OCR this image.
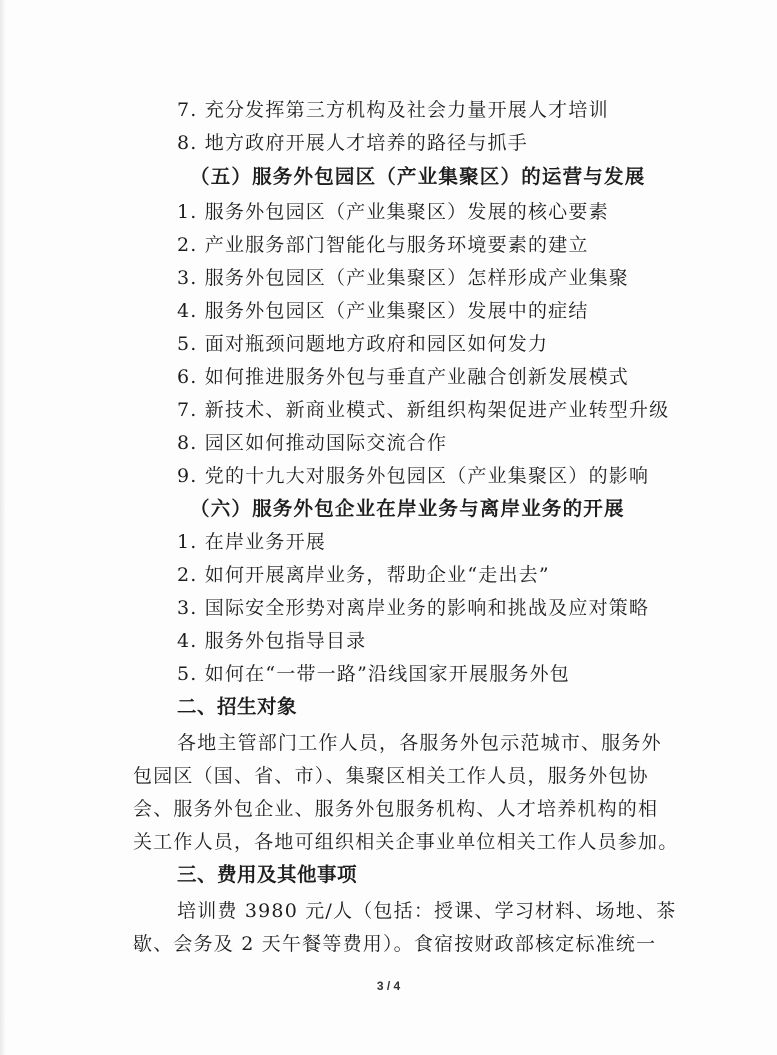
7. 充分发挥第三方机构及社会力量开展人才培训
8. 地方政府开展人才培养的路径与抓手
（五）服务外包园区（产业集聚区）的运营与发展
1. 服务外包园区（产业集聚区）发展的核心要素
2. 产业服务部门智能化与服务环境要素的建立
3. 服务外包园区（产业集聚区）怎样形成产业集聚
4. 服务外包园区（产业集聚区）发展中的症结
5. 面对瓶颈问题地方政府和园区如何发力
6. 如何推进服务外包与垂直产业融合创新发展模式
7. 新技术、新商业模式、新组织构架促进产业转型升级
8. 园区如何推动国际交流合作
9. 党的十九大对服务外包园区（产业集聚区）的影响
（六）服务外包企业在岸业务与离岸业务的开展
1. 在岸业务开展
2. 如何开展离岸业务，帮助企业“走出去”
3. 国际安全形势对离岸业务的影响和挑战及应对策略
4. 服务外包指导目录
5. 如何在“一带一路”沿线国家开展服务外包
二、招生对象
各地主管部门工作人员，各服务外包示范城市、服务外
包园区（国、省、市）、集聚区相关工作人员，服务外包协
会、服务外包企业、服务外包服务机构、人才培养机构的相
关工作人员，各地可组织相关企事业单位相关工作人员参加。
三、费用及其他事项
培训费 3980 元/人（包括：授课、学习材料、场地、茶
歇、会务及 2 天午餐等费用）。食宿按财政部核定标准统一
3 / 4
